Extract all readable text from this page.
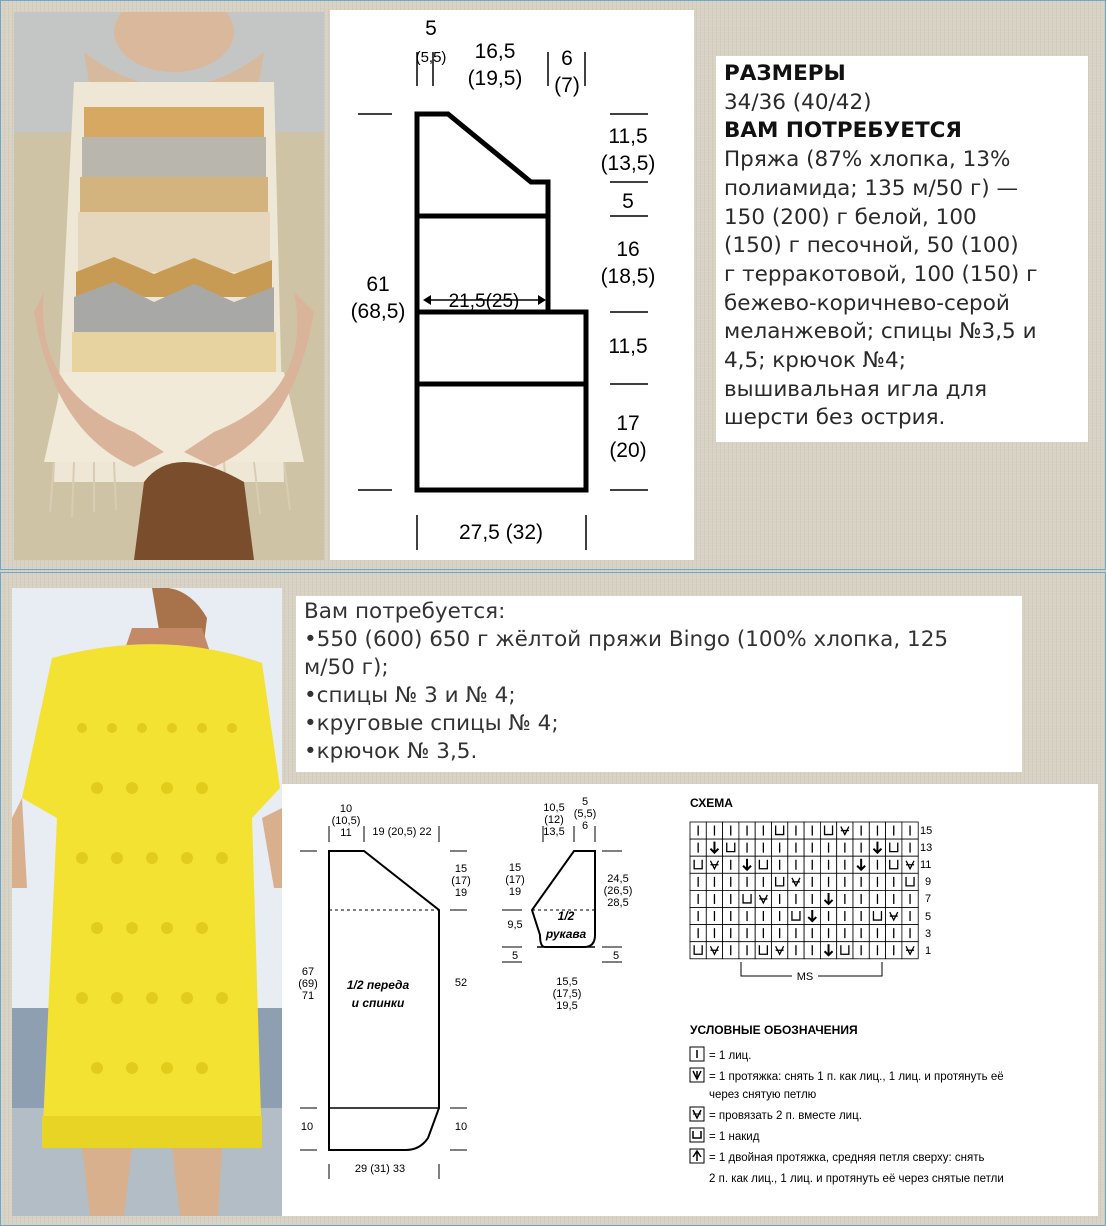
5
(5,5) 16,5
(19,5)
6
(7)
11,5
(13,5)
5
16
(18,5)
11,5
17
(20)
61
(68,5) 21,5(25)
27,5 (32)
РАЗМЕРЫ
34/36 (40/42)
ВАМ ПОТРЕБУЕТСЯ
Пряжа (87% хлопка, 13%
полиамида; 135 м/50 г) —
150 (200) г белой, 100
(150) г песочной, 50 (100)
г терракотовой, 100 (150) г
бежево-коричнево-серой
меланжевой; спицы №3,5 и
4,5; крючок №4;
вышивальная игла для
шерсти без острия.
Вам потребуется:
•550 (600) 650 г жёлтой пряжи Bingo (100% хлопка, 125
м/50 г);
•спицы № 3 и № 4;
•круговые спицы № 4;
•крючок № 3,5.
10
(10,5)
11 19 (20,5) 22
15
(17)
19
67
(69)
71
1/2 переда
и спинки
52
10	10
29 (31) 33
10,5
(12)
13,5
5
(5,5)
6
15
(17)
19
9,5
5
24,5
(26,5)
28,5
5
1/2
рукава
15,5
(17,5)
19,5
СХЕМА
15
13
11
9
7
5
3
1
MS
УСЛОВНЫЕ ОБОЗНАЧЕНИЯ
= 1 лиц.
= 1 протяжка: снять 1 п. как лиц., 1 лиц. и протянуть её
через снятую петлю
= провязать 2 п. вместе лиц.
= 1 накид
= 1 двойная протяжка, средняя петля сверху: снять
2 п. как лиц., 1 лиц. и протянуть её через снятые петли
